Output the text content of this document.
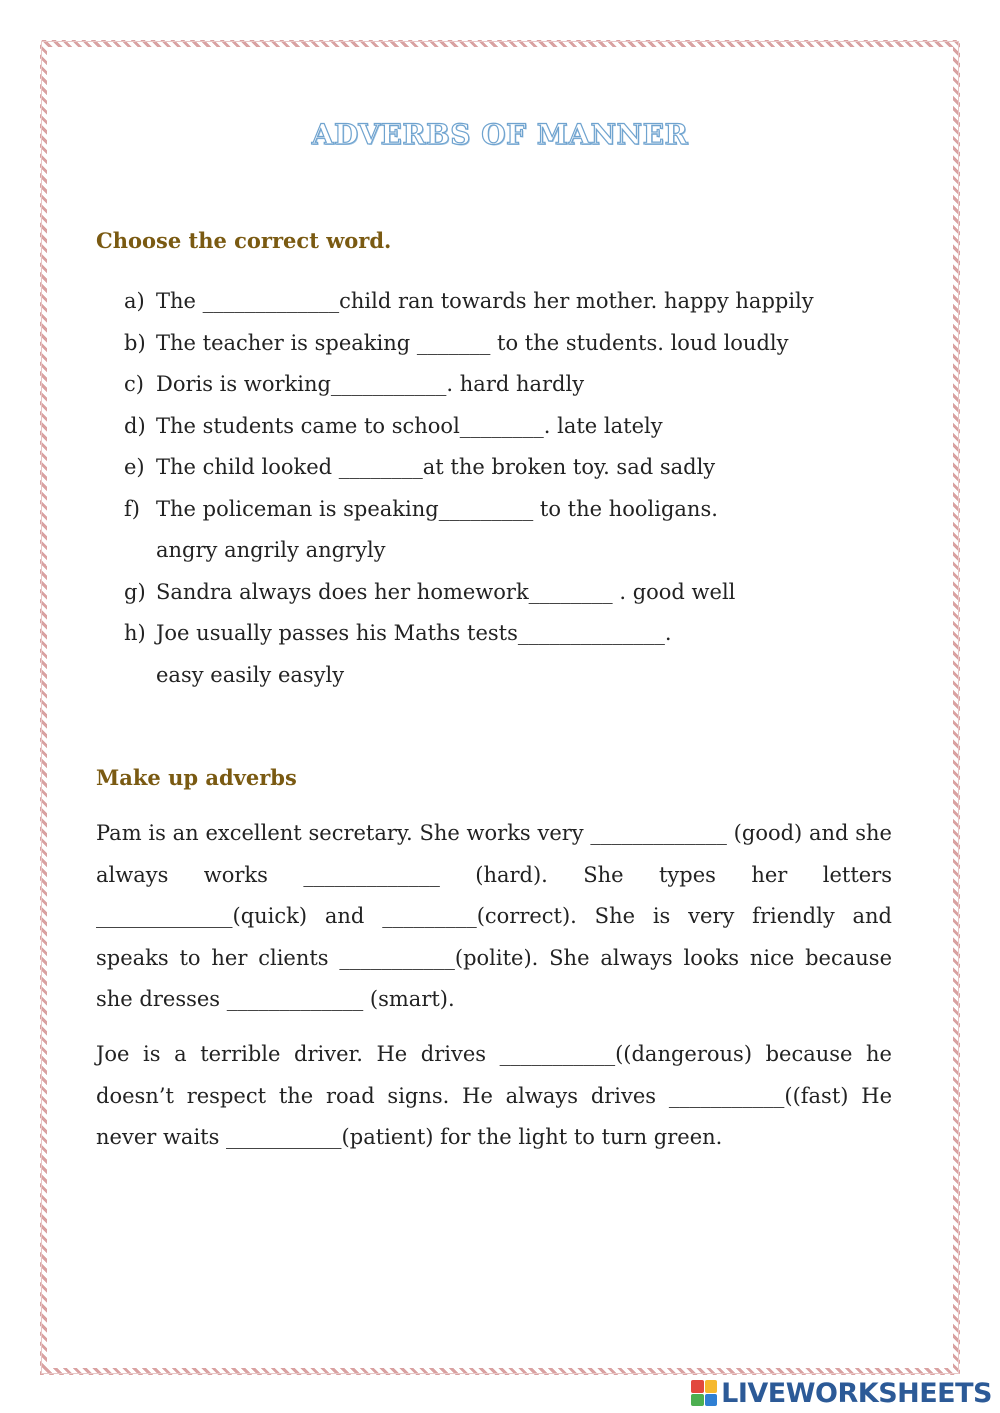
ADVERBS OF MANNER
Choose the correct word.
a) The _____________child ran towards her mother. happy happily
b) The teacher is speaking _______ to the students. loud loudly
c) Doris is working___________. hard hardly
d) The students came to school________. late lately
e) The child looked ________at the broken toy. sad sadly
f) The policeman is speaking_________ to the hooligans.
angry angrily angryly
g) Sandra always does her homework________ . good well
h) Joe usually passes his Maths tests______________.
easy easily easyly
Make up adverbs
Pam is an excellent secretary. She works very _____________ (good) and she always works _____________ (hard). She types her letters _____________(quick) and _________(correct). She is very friendly and speaks to her clients ___________(polite). She always looks nice because she dresses _____________ (smart).
Joe is a terrible driver. He drives ___________((dangerous) because he doesn’t respect the road signs. He always drives ___________((fast) He never waits ___________(patient) for the light to turn green.
LIVEWORKSHEETS
